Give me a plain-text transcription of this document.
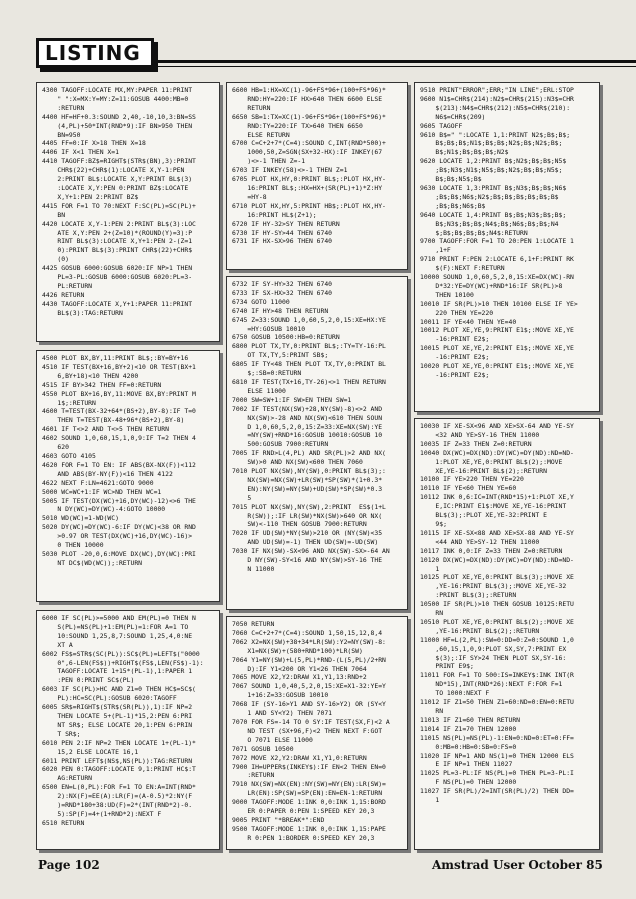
LISTING
4300 TAGOFF:LOCATE MX,MY:PAPER 11:PRINT
" ":X=MX:Y=MY:Z=11:GOSUB 4400:MB=0
:RETURN
4400 HF=HF+0.3:SOUND 2,40,-10,10,3:BN=SS
(4,PL)+50*INT(RND*9):IF BN>950 THEN
BN=950
4405 FF=0:IF X>18 THEN X=18
4406 IF X<1 THEN X=1
4410 TAGOFF:BZ$=RIGHT$(STR$(BN),3):PRINT
CHR$(22)+CHR$(1):LOCATE X,Y-1:PEN
2:PRINT BL$:LOCATE X,Y:PRINT BL$(3)
:LOCATE X,Y:PEN 0:PRINT BZ$:LOCATE
X,Y+1:PEN 2:PRINT BZ$
4415 FOR F=1 TO 70:NEXT F:SC(PL)=SC(PL)+
BN
4420 LOCATE X,Y-1:PEN 2:PRINT BL$(3):LOC
ATE X,Y:PEN 2+(Z=10)*(ROUND(Y)=3):P
RINT BL$(3):LOCATE X,Y+1:PEN 2-(Z=1
0):PRINT BL$(3):PRINT CHR$(22)+CHR$
(0)
4425 GOSUB 6000:GOSUB 6020:IF NP>1 THEN
PL=3-PL:GOSUB 6000:GOSUB 6020:PL=3-
PL:RETURN
4426 RETURN
4430 TAGOFF:LOCATE X,Y+1:PAPER 11:PRINT
BL$(3):TAG:RETURN
4500 PLOT BX,BY,11:PRINT BL$;:BY=BY+16
4510 IF TEST(BX+16,BY+2)<10 OR TEST(BX+1
6,BY+18)<10 THEN 4200
4515 IF BY>342 THEN FF=0:RETURN
4550 PLOT BX+16,BY,11:MOVE BX,BY:PRINT M
1$;:RETURN
4600 T=TEST(BX-32+64*(BS+2),BY-8):IF T=0
THEN T=TEST(BX-48+96*(BS+2),BY-8)
4601 IF T<>2 AND T<>5 THEN RETURN
4602 SOUND 1,0,60,15,1,0,9:IF T=2 THEN 4
620
4603 GOTO 4105
4620 FOR F=1 TO EN: IF ABS(BX-NX(F))<112
AND ABS(BY-NY(F))<16 THEN 4122
4622 NEXT F:LN=4621:GOTO 9000
5000 WC=WC+1:IF WC>ND THEN WC=1
5005 IF TEST(DX(WC)+16,DY(WC)-12)<>6 THE
N DY(WC)=DY(WC)-4:GOTO 10000
5010 WD(WC)=1-WD(WC)
5020 DY(WC)=DY(WC)-6:IF DY(WC)<38 OR RND
>0.97 OR TEST(DX(WC)+16,DY(WC)-16)>
0 THEN 10000
5030 PLOT -20,0,6:MOVE DX(WC),DY(WC):PRI
NT DC$(WD(WC));:RETURN
6000 IF SC(PL)>=5000 AND EM(PL)=0 THEN N
S(PL)=NS(PL)+1:EM(PL)=1:FOR A=1 TO
10:SOUND 1,25,8,7:SOUND 1,25,4,0:NE
XT A
6002 FS$=STR$(SC(PL)):SC$(PL)=LEFT$("0000
0",6-LEN(FS$))+RIGHT$(FS$,LEN(FS$)-1):
TAGOFF:LOCATE 1+15*(PL-1),1:PAPER 1
:PEN 0:PRINT SC$(PL)
6003 IF SC(PL)>HC AND Z1=0 THEN HC$=SC$(
PL):HC=SC(PL):GOSUB 6020:TAGOFF
6005 SR$=RIGHT$(STR$(SR(PL)),1):IF NP=2
THEN LOCATE 5+(PL-1)*15,2:PEN 6:PRI
NT SR$; ELSE LOCATE 20,1:PEN 6:PRIN
T SR$;
6010 PEN 2:IF NP=2 THEN LOCATE 1+(PL-1)*
15,2 ELSE LOCATE 16,1
6011 PRINT LEFT$(NS$,NS(PL)):TAG:RETURN
6020 PEN 0:TAGOFF:LOCATE 9,1:PRINT HC$:T
AG:RETURN
6500 EN=L(0,PL):FOR F=1 TO EN:A=INT(RND*
2):NX(F)=EE(A):LR(F)=(A-0.5)*2:NY(F
)=RND*180+38:UD(F)=2*(INT(RND*2)-0.
5):SP(F)=4+(1+RND*2):NEXT F
6510 RETURN
6600 HB=1:HX=XC(1)-96+FS*96+(100+FS*96)*
RND:HY=220:IF HX>640 THEN 6600 ELSE
RETURN
6650 SB=1:TX=XC(1)-96+FS*96+(100+FS*96)*
RND:TY=220:IF TX>640 THEN 6650
ELSE RETURN
6700 C=C+2+7*(C=4):SOUND C,INT(RND*500)+
1000,50,Z=SGN(SX+32-HX):IF INKEY(67
)<>-1 THEN Z=-1
6703 IF INKEY(58)<>-1 THEN Z=1
6705 PLOT HX,HY,0:PRINT BL$;:PLOT HX,HY-
16:PRINT BL$;:HX=HX+(SR(PL)+1)*Z:HY
=HY-8
6710 PLOT HX,HY,5:PRINT HB$;:PLOT HX,HY-
16:PRINT HL$(Z+1);
6720 IF HY-32>SY THEN RETURN
6730 IF HY-SY>44 THEN 6740
6731 IF HX-SX>96 THEN 6740
6732 IF SY-HY>32 THEN 6740
6733 IF SX-HX>32 THEN 6740
6734 GOTO 11000
6740 IF HY>48 THEN RETURN
6745 Z=33:SOUND 1,0,60,5,2,0,15:XE=HX:YE
=HY:GOSUB 10010
6750 GOSUB 10500:HB=0:RETURN
6800 PLOT TX,TY,0:PRINT BL$;:TY=TY-16:PL
OT TX,TY,5:PRINT SB$;
6805 IF TY<48 THEN PLOT TX,TY,0:PRINT BL
$;:SB=0:RETURN
6810 IF TEST(TX+16,TY-26)<>1 THEN RETURN
ELSE 11000
7000 SW=SW+1:IF SW>EN THEN SW=1
7002 IF TEST(NX(SW)+28,NY(SW)-8)<>2 AND
NX(SW)>-28 AND NX(SW)<610 THEN SOUN
D 1,0,60,5,2,0,15:Z=33:XE=NX(SW):YE
=NY(SW)+RND*16:GOSUB 10010:GOSUB 10
500:GOSUB 7900:RETURN
7005 IF RND>L(4,PL) AND SR(PL)>2 AND NX(
SW)>0 AND NX(SW)<600 THEN 7060
7010 PLOT NX(SW),NY(SW),0:PRINT BL$(3);:
NX(SW)=NX(SW)+LR(SW)*SP(SW)*(1+0.3*
EN):NY(SW)=NY(SW)+UD(SW)*SP(SW)*0.3
5
7015 PLOT NX(SW),NY(SW),2:PRINT  ES$(1+L
R(SW));:IF LR(SW)*NX(SW)>640 OR NX(
SW)<-110 THEN GOSUB 7900:RETURN
7020 IF UD(SW)*NY(SW)>210 OR (NY(SW)<35
AND UD(SW)=-1) THEN UD(SW)=-UD(SW)
7030 IF NX(SW)-SX<96 AND NX(SW)-SX>-64 AN
D NY(SW)-SY<16 AND NY(SW)>SY-16 THE
N 11000
7050 RETURN
7060 C=C+2+7*(C=4):SOUND 1,50,15,12,8,4
7062 X2=NX(SW)+38+34*LR(SW):Y2=NY(SW)-8:
X1=NX(SW)+(580+RND*100)*LR(SW)
7064 Y1=NY(SW)+L(5,PL)*RND-(L(5,PL)/2+RN
D):IF Y1<200 OR Y1<26 THEN 7064
7065 MOVE X2,Y2:DRAW X1,Y1,13:RND+2
7067 SOUND 1,0,40,5,2,0,15:XE=X1-32:YE=Y
1+16:Z=33:GOSUB 10010
7068 IF (SY-16>Y1 AND SY-16>Y2) OR (SY<Y
1 AND SY<Y2) THEN 7071
7070 FOR FS=-14 TO 0 SY:IF TEST(SX,F)<2 A
ND TEST (SX+96,F)<2 THEN NEXT F:GOT
O 7071 ELSE 11000
7071 GOSUB 10500
7072 MOVE X2,Y2:DRAW X1,Y1,0:RETURN
7900 IH=UPPER$(INKEY$):IF EN<2 THEN EN=0
:RETURN
7910 NX(SW)=NX(EN):NY(SW)=NY(EN):LR(SW)=
LR(EN):SP(SW)=SP(EN):EN=EN-1:RETURN
9000 TAGOFF:MODE 1:INK 0,0:INK 1,15:BORD
ER 0:PAPER 0:PEN 1:SPEED KEY 20,3
9005 PRINT "*BREAK*":END
9500 TAGOFF:MODE 1:INK 0,0:INK 1,15:PAPE
R 0:PEN 1:BORDER 0:SPEED KEY 20,3
9510 PRINT"ERROR";ERR;"IN LINE";ERL:STOP
9600 N1$=CHR$(214):N2$=CHR$(215):N3$=CHR
$(213):N4$=CHR$(212):N5$=CHR$(210):
N6$=CHR$(209)
9605 TAGOFF
9610 B$=" ":LOCATE 1,1:PRINT N2$;B$;B$;
B$;B$;B$;N1$;B$;B$;N2$;B$;N2$;B$;
B$;N1$;B$;B$;B$;N2$
9620 LOCATE 1,2:PRINT B$;N2$;B$;B$;N5$
;B$;N3$;N1$;N5$;B$;N2$;B$;B$;N5$;
B$;B$;N5$;B$
9630 LOCATE 1,3:PRINT B$;N3$;B$;B$;N6$
;B$;B$;N6$;N2$;B$;B$;B$;B$;B$;B$
;B$;B$;N6$;B$
9640 LOCATE 1,4:PRINT B$;B$;N3$;B$;B$;
B$;N3$;B$;B$;N4$;B$;N6$;B$;B$;N4
$;B$;B$;B$;B$;N4$:RETURN
9700 TAGOFF:FOR F=1 TO 20:PEN 1:LOCATE 1
,1+F
9710 PRINT F:PEN 2:LOCATE 6,1+F:PRINT RK
$(F):NEXT F:RETURN
10000 SOUND 1,0,60,5,2,0,15:XE=DX(WC)-RN
D*32:YE=DY(WC)+RND*16:IF SR(PL)>8
THEN 10100
10010 IF SR(PL)>10 THEN 10100 ELSE IF YE>
220 THEN YE=220
10011 IF YE<40 THEN YE=40
10012 PLOT XE,YE,9:PRINT E1$;:MOVE XE,YE
-16:PRINT E2$;
10015 PLOT XE,YE,2:PRINT E1$;:MOVE XE,YE
-16:PRINT E2$;
10020 PLOT XE,YE,0:PRINT E1$;:MOVE XE,YE
-16:PRINT E2$;
10030 IF XE-SX<96 AND XE>SX-64 AND YE-SY
<32 AND YE>SY-16 THEN 11000
10035 IF Z=33 THEN Z=0:RETURN
10040 DX(WC)=DX(ND):DY(WC)=DY(ND):ND=ND-
1:PLOT XE,YE,0:PRINT BL$(2);:MOVE
XE,YE-16:PRINT BL$(2);:RETURN
10100 IF YE>220 THEN YE=220
10110 IF YE<60 THEN YE=60
10112 INK 0,6:IC=INT(RND*15)+1:PLOT XE,Y
E,IC:PRINT E1$:MOVE XE,YE-16:PRINT
BL$(3);:PLOT XE,YE-32:PRINT E
9$;
10115 IF XE-SX<88 AND XE>SX-88 AND YE-SY
<44 AND YE>SY-12 THEN 11000
10117 INK 0,0:IF Z=33 THEN Z=0:RETURN
10120 DX(WC)=DX(ND):DY(WC)=DY(ND):ND=ND-
1
10125 PLOT XE,YE,0:PRINT BL$(3);:MOVE XE
,YE-16:PRINT BL$(3);:MOVE XE,YE-32
:PRINT BL$(3);:RETURN
10500 IF SR(PL)>10 THEN GOSUB 10125:RETU
RN
10510 PLOT XE,YE,0:PRINT BL$(2);:MOVE XE
,YE-16:PRINT BL$(2);:RETURN
11000 HF=L(2,PL):SW=0:DD=0:Z=0:SOUND 1,0
,60,15,1,0,9:PLOT SX,SY,7:PRINT EX
$(3);:IF SY>24 THEN PLOT SX,SY-16:
PRINT E9$;
11011 FOR F=1 TO 500:IS=INKEY$:INK INT(R
ND*15),INT(RND*26):NEXT F:FOR F=1
TO 1000:NEXT F
11012 IF Z1=50 THEN Z1=60:ND=0:EN=0:RETU
RN
11013 IF Z1=60 THEN RETURN
11014 IF Z1=70 THEN 12000
11015 NS(PL)=NS(PL)-1:EN=0:ND=0:ET=0:FF=
0:MB=0:HB=0:SB=0:FS=0
11020 IF NP=1 AND NS(1)=0 THEN 12000 ELS
E IF NP=1 THEN 11027
11025 PL=3-PL:IF NS(PL)=0 THEN PL=3-PL:I
F NS(PL)=0 THEN 12000
11027 IF SR(PL)/2=INT(SR(PL)/2) THEN DD=
1
Page 102	Amstrad User October 85
